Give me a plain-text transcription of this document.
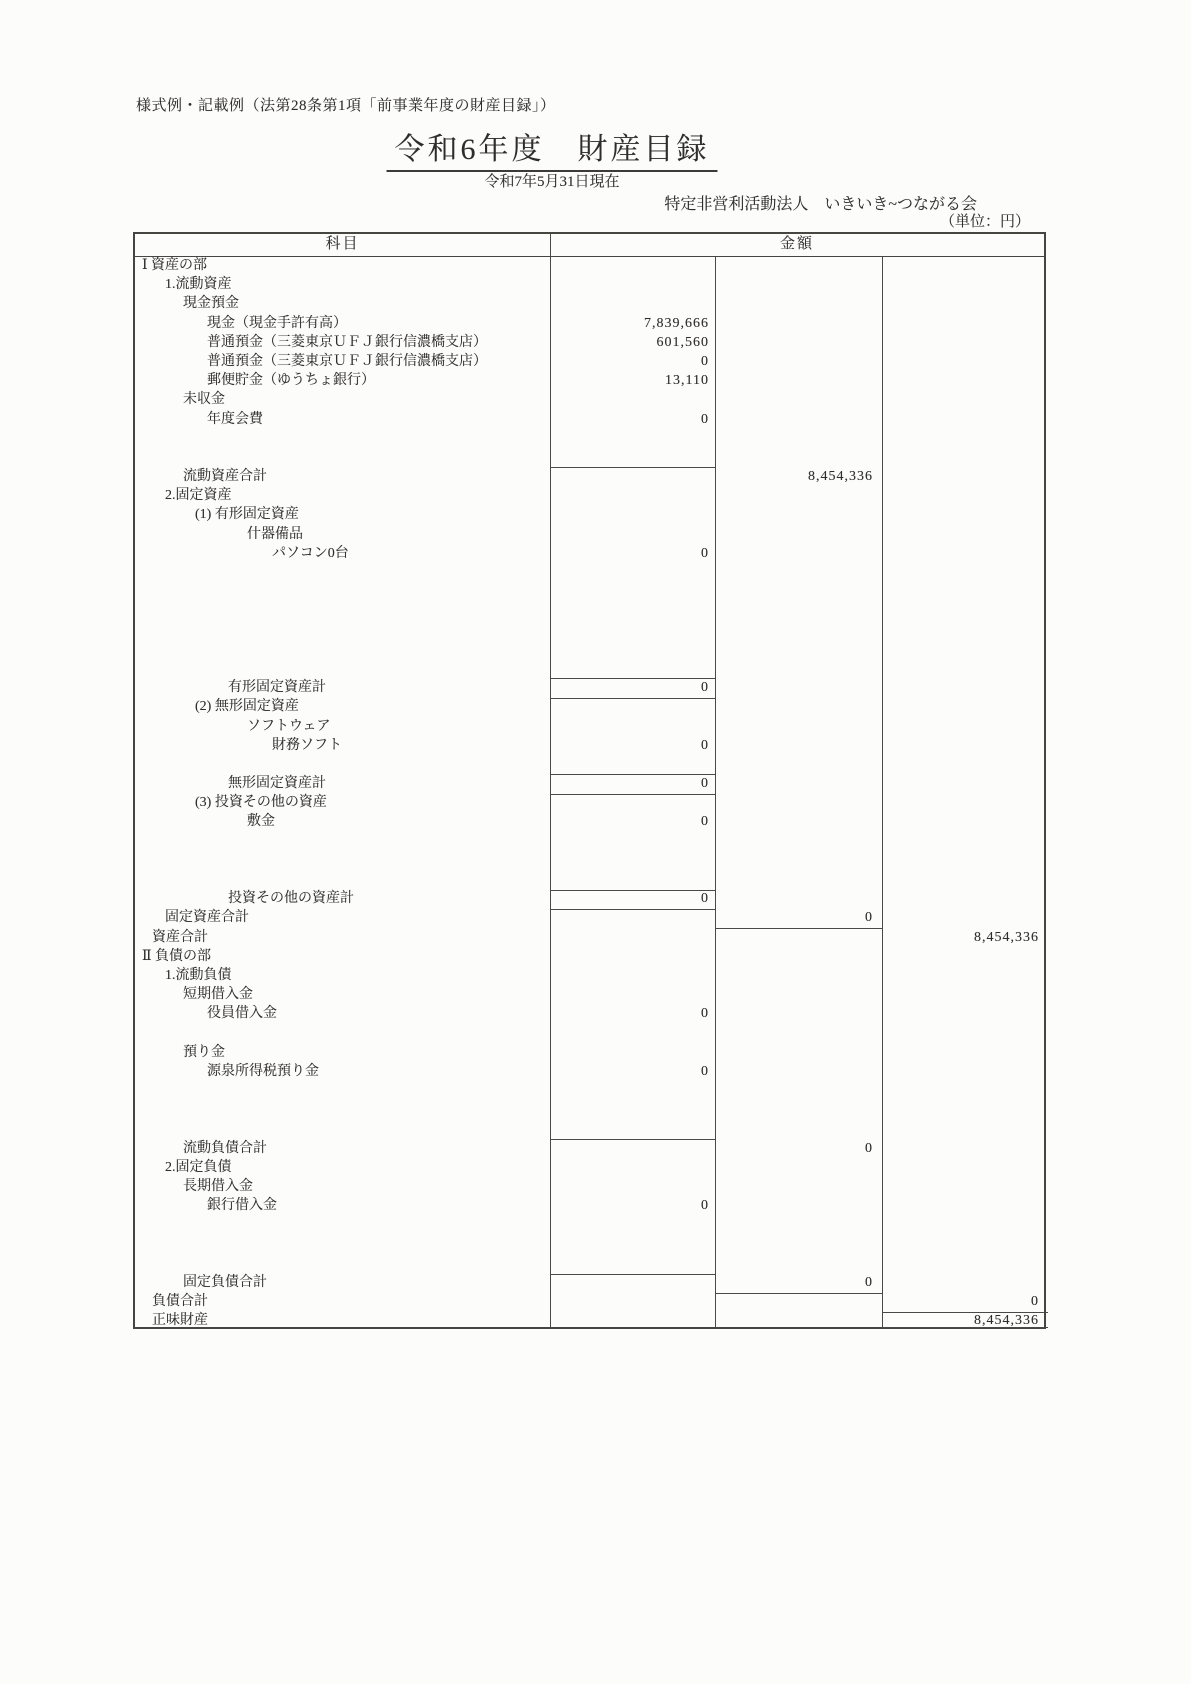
様式例・記載例（法第28条第1項「前事業年度の財産目録」）
令和6年度　財産目録
令和7年5月31日現在
特定非営利活動法人　いきいき~つながる会
（単位：円）
科目	金額
Ⅰ 資産の部
1.流動資産
現金預金
現金（現金手許有高）	7,839,666
普通預金（三菱東京ＵＦＪ銀行信濃橋支店）	601,560
普通預金（三菱東京ＵＦＪ銀行信濃橋支店）	0
郵便貯金（ゆうちょ銀行）	13,110
未収金
年度会費	0
流動資産合計	8,454,336
2.固定資産
(1) 有形固定資産
什器備品
パソコン0台	0
有形固定資産計	0
(2) 無形固定資産
ソフトウェア
財務ソフト	0
無形固定資産計	0
(3) 投資その他の資産
敷金	0
投資その他の資産計	0
固定資産合計	0
資産合計	8,454,336
Ⅱ 負債の部
1.流動負債
短期借入金
役員借入金	0
預り金
源泉所得税預り金	0
流動負債合計	0
2.固定負債
長期借入金
銀行借入金	0
固定負債合計	0
負債合計	0
正味財産	8,454,336
